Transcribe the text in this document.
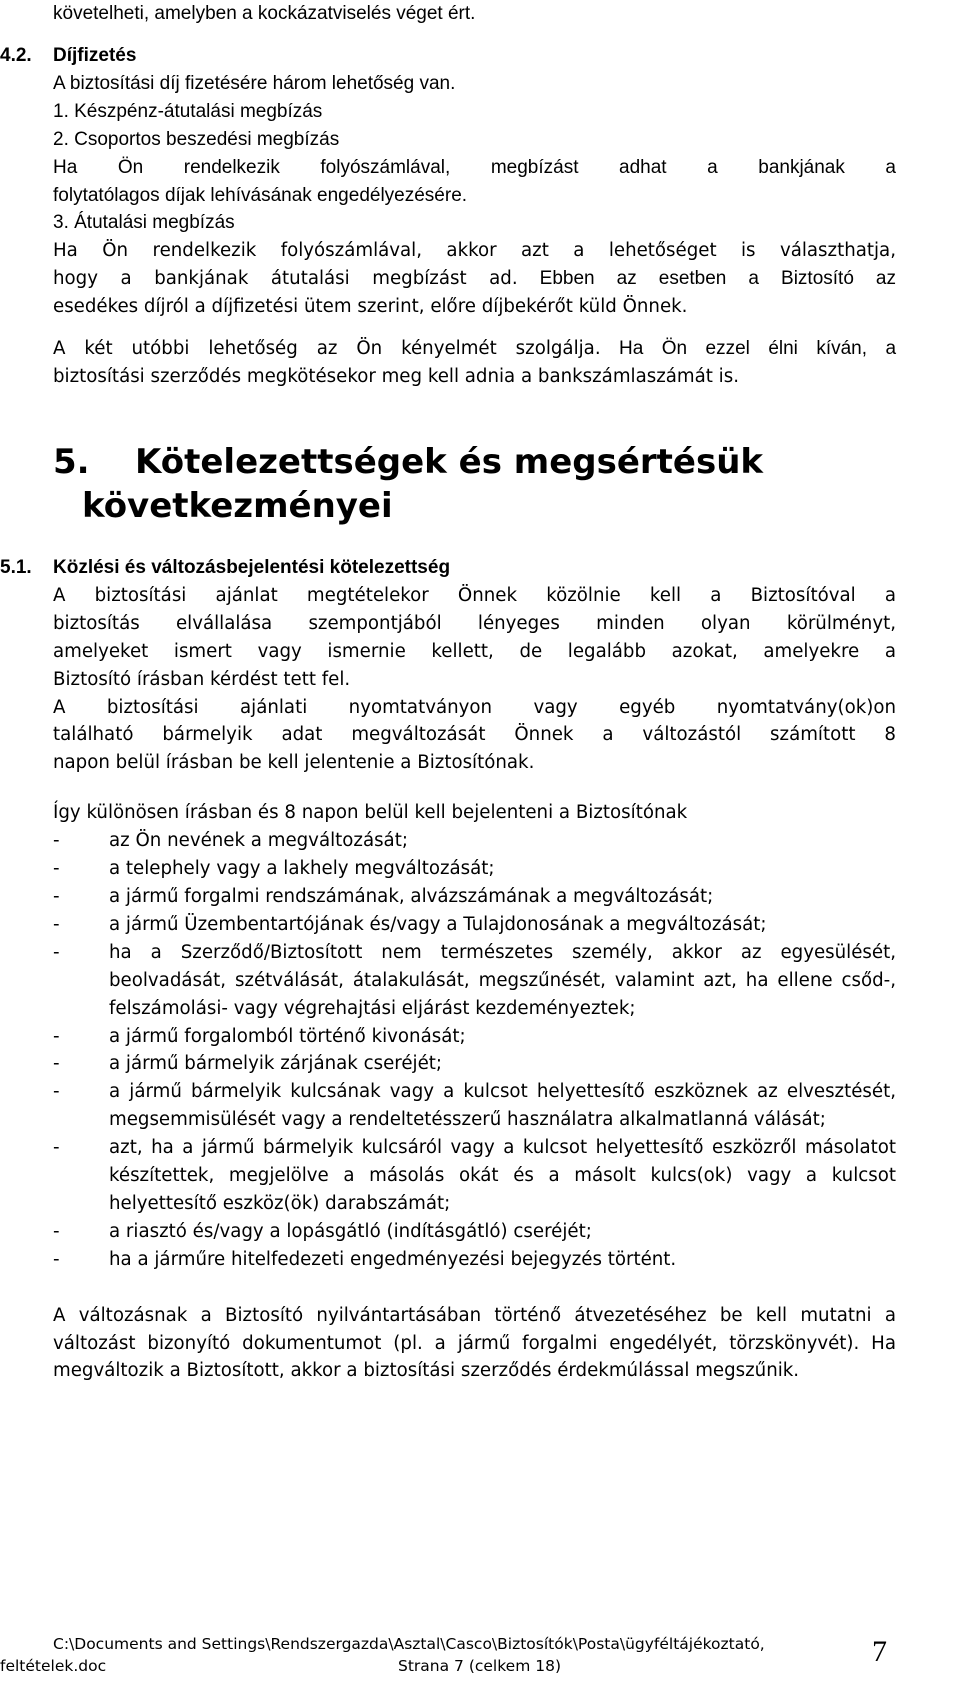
követelheti, amelyben a kockázatviselés véget ért.

4.2.	Díjfizetés

A biztosítási díj fizetésére három lehetőség van.

1. Készpénz-átutalási megbízás

2. Csoportos beszedési megbízás

Ha Ön rendelkezik folyószámlával, megbízást adhat a bankjának a

folytatólagos díjak lehívásának engedélyezésére.

3. Átutalási megbízás

Ha Ön rendelkezik folyószámlával, akkor azt a lehetőséget is választhatja,

hogy a bankjának átutalási megbízást ad. Ebben az esetben a Biztosító az

esedékes díjról a díjfizetési ütem szerint, előre díjbekérőt küld Önnek.

A két utóbbi lehetőség az Ön kényelmét szolgálja. Ha Ön ezzel élni kíván, a

biztosítási szerződés megkötésekor meg kell adnia a bankszámlaszámát is.

5.	Kötelezettségek és megsértésük

következményei

5.1.	Közlési és változásbejelentési kötelezettség

A biztosítási ajánlat megtételekor Önnek közölnie kell a Biztosítóval a

biztosítás elvállalása szempontjából lényeges minden olyan körülményt,

amelyeket ismert vagy ismernie kellett, de legalább azokat, amelyekre a

Biztosító írásban kérdést tett fel.

A biztosítási ajánlati nyomtatványon vagy egyéb nyomtatvány(ok)on

található bármelyik adat megváltozását Önnek a változástól számított 8

napon belül írásban be kell jelentenie a Biztosítónak.

Így különösen írásban és 8 napon belül kell bejelenteni a Biztosítónak

-	az Ön nevének a megváltozását;

-	a telephely vagy a lakhely megváltozását;

-	a jármű forgalmi rendszámának, alvázszámának a megváltozását;

-	a jármű Üzembentartójának és/vagy a Tulajdonosának a megváltozását;

-	ha a Szerződő/Biztosított nem természetes személy, akkor az egyesülését, beolvadását, szétválását, átalakulását, megszűnését, valamint azt, ha ellene csőd-, felszámolási- vagy végrehajtási eljárást kezdeményeztek;

-	a jármű forgalomból történő kivonását;

-	a jármű bármelyik zárjának cseréjét;

-	a jármű bármelyik kulcsának vagy a kulcsot helyettesítő eszköznek az elvesztését, megsemmisülését vagy a rendeltetésszerű használatra alkalmatlanná válását;

-	azt, ha a jármű bármelyik kulcsáról vagy a kulcsot helyettesítő eszközről másolatot készítettek, megjelölve a másolás okát és a másolt kulcs(ok) vagy a kulcsot helyettesítő eszköz(ök) darabszámát;

-	a riasztó és/vagy a lopásgátló (indításgátló) cseréjét;

-	ha a járműre hitelfedezeti engedményezési bejegyzés történt.

A változásnak a Biztosító nyilvántartásában történő átvezetéséhez be kell mutatni a változást bizonyító dokumentumot (pl. a jármű forgalmi engedélyét, törzskönyvét). Ha megváltozik a Biztosított, akkor a biztosítási szerződés érdekmúlással megszűnik.

C:\Documents and Settings\Rendszergazda\Asztal\Casco\Biztosítók\Posta\ügyféltájékoztató,
feltételek.doc	Strana 7 (celkem 18)	7
